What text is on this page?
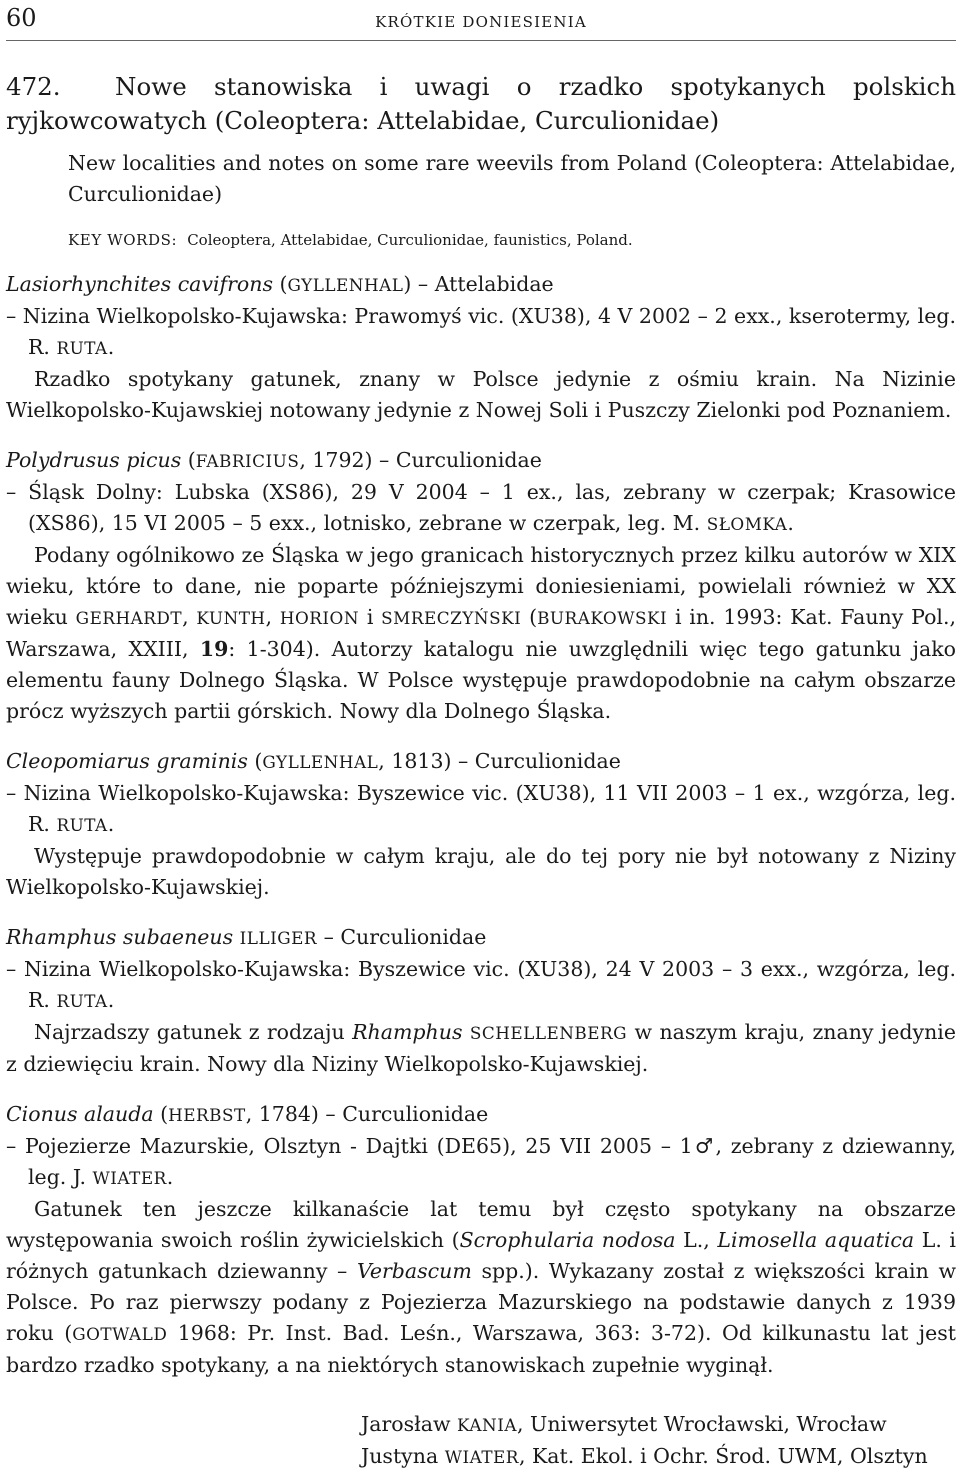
60	KRÓTKIE DONIESIENIA

472. Nowe stanowiska i uwagi o rzadko spotykanych polskich ryjkowcowatych (Coleoptera: Attelabidae, Curculionidae)

New localities and notes on some rare weevils from Poland (Coleoptera: Attelabidae, Curculionidae)

KEY WORDS: Coleoptera, Attelabidae, Curculionidae, faunistics, Poland.

Lasiorhynchites cavifrons (GYLLENHAL) – Attelabidae

– Nizina Wielkopolsko-Kujawska: Prawomyś vic. (XU38), 4 V 2002 – 2 exx., kserotermy, leg. R. RUTA.

Rzadko spotykany gatunek, znany w Polsce jedynie z ośmiu krain. Na Nizinie Wielkopolsko-Kujawskiej notowany jedynie z Nowej Soli i Puszczy Zielonki pod Poznaniem.

Polydrusus picus (FABRICIUS, 1792) – Curculionidae

– Śląsk Dolny: Lubska (XS86), 29 V 2004 – 1 ex., las, zebrany w czerpak; Krasowice (XS86), 15 VI 2005 – 5 exx., lotnisko, zebrane w czerpak, leg. M. SŁOMKA.

Podany ogólnikowo ze Śląska w jego granicach historycznych przez kilku autorów w XIX wieku, które to dane, nie poparte późniejszymi doniesieniami, powielali również w XX wieku GERHARDT, KUNTH, HORION i SMRECZYŃSKI (BURAKOWSKI i in. 1993: Kat. Fauny Pol., Warszawa, XXIII, 19: 1-304). Autorzy katalogu nie uwzględnili więc tego gatunku jako elementu fauny Dolnego Śląska. W Polsce występuje prawdopodobnie na całym obszarze prócz wyższych partii górskich. Nowy dla Dolnego Śląska.

Cleopomiarus graminis (GYLLENHAL, 1813) – Curculionidae

– Nizina Wielkopolsko-Kujawska: Byszewice vic. (XU38), 11 VII 2003 – 1 ex., wzgórza, leg. R. RUTA.

Występuje prawdopodobnie w całym kraju, ale do tej pory nie był notowany z Niziny Wielkopolsko-Kujawskiej.

Rhamphus subaeneus ILLIGER – Curculionidae

– Nizina Wielkopolsko-Kujawska: Byszewice vic. (XU38), 24 V 2003 – 3 exx., wzgórza, leg. R. RUTA.

Najrzadszy gatunek z rodzaju Rhamphus SCHELLENBERG w naszym kraju, znany jedynie z dziewięciu krain. Nowy dla Niziny Wielkopolsko-Kujawskiej.

Cionus alauda (HERBST, 1784) – Curculionidae

– Pojezierze Mazurskie, Olsztyn - Dajtki (DE65), 25 VII 2005 – 1♂, zebrany z dziewanny, leg. J. WIATER.

Gatunek ten jeszcze kilkanaście lat temu był często spotykany na obszarze występowania swoich roślin żywicielskich (Scrophularia nodosa L., Limosella aquatica L. i różnych gatunkach dziewanny – Verbascum spp.). Wykazany został z większości krain w Polsce. Po raz pierwszy podany z Pojezierza Mazurskiego na podstawie danych z 1939 roku (GOTWALD 1968: Pr. Inst. Bad. Leśn., Warszawa, 363: 3-72). Od kilkunastu lat jest bardzo rzadko spotykany, a na niektórych stanowiskach zupełnie wyginął.

Jarosław KANIA, Uniwersytet Wrocławski, Wrocław
Justyna WIATER, Kat. Ekol. i Ochr. Środ. UWM, Olsztyn
